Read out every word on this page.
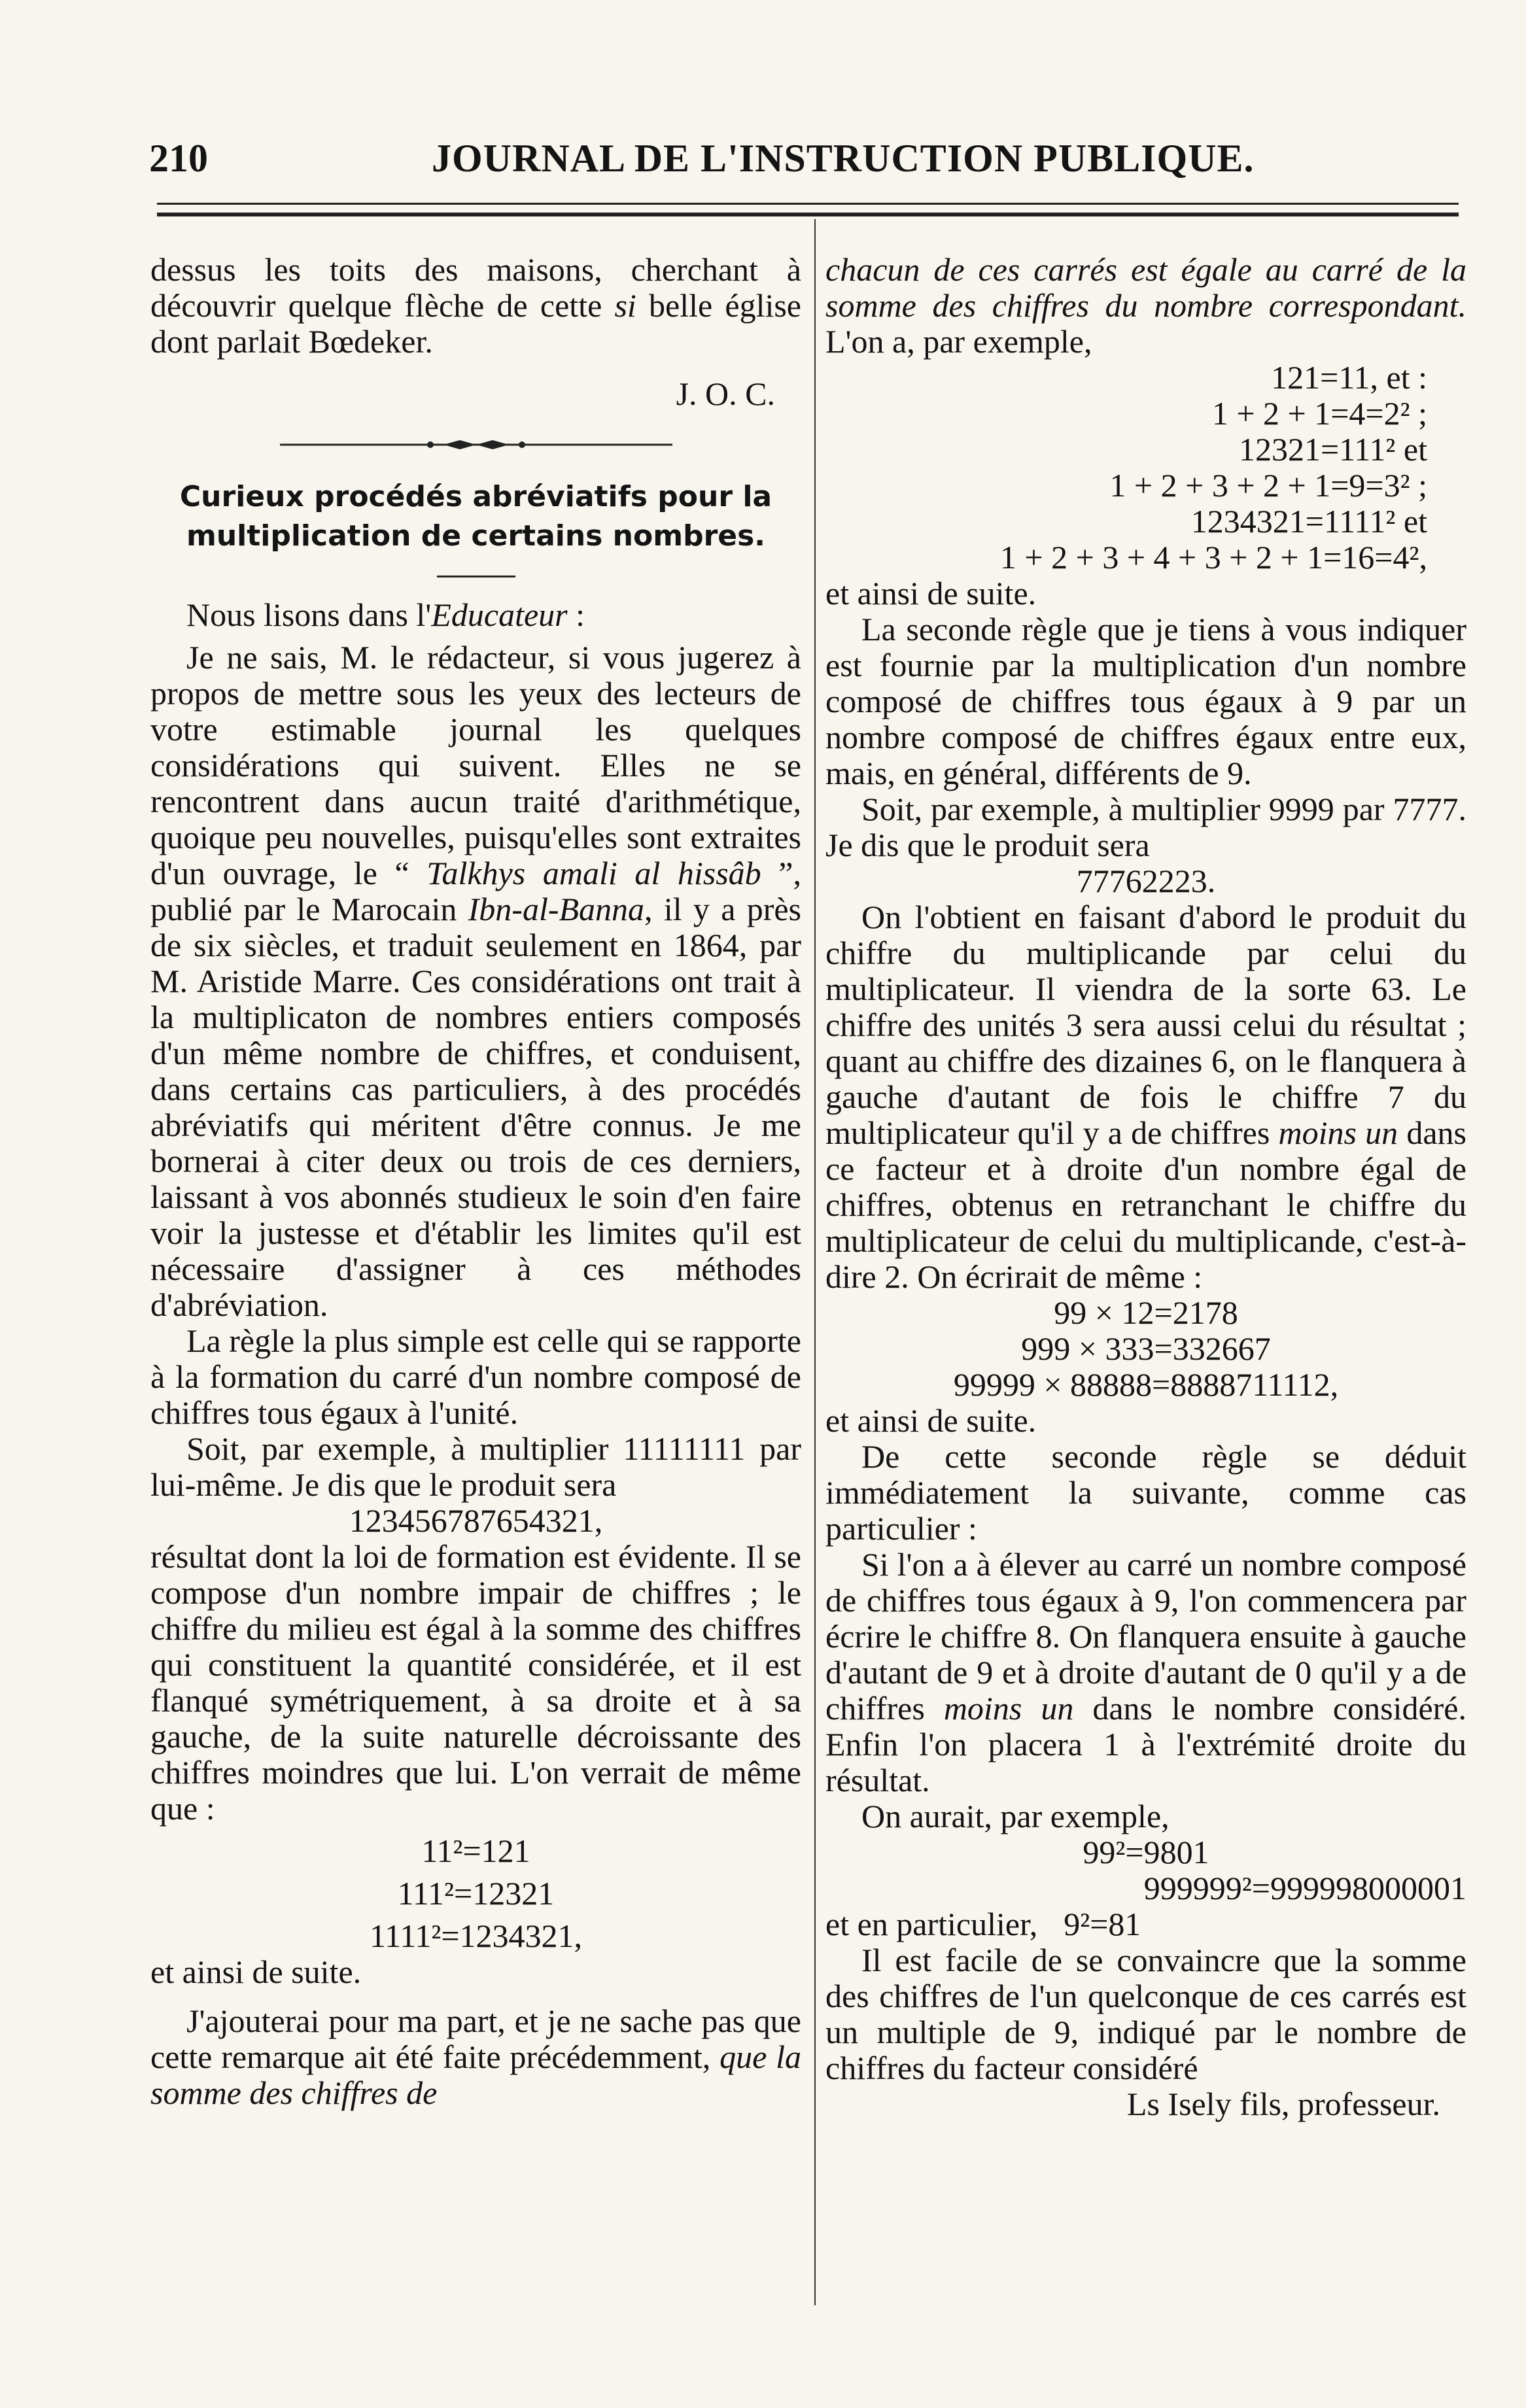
210	JOURNAL DE L'INSTRUCTION PUBLIQUE.

dessus les toits des maisons, cherchant à découvrir quelque flèche de cette si belle église dont parlait Bœdeker.

J. O. C.

Curieux procédés abréviatifs pour la

multiplication de certains nombres.

Nous lisons dans l'Educateur :

Je ne sais, M. le rédacteur, si vous jugerez à propos de mettre sous les yeux des lecteurs de votre estimable journal les quelques considérations qui suivent. Elles ne se rencontrent dans aucun traité d'arithmétique, quoique peu nouvelles, puisqu'elles sont extraites d'un ouvrage, le “ Talkhys amali al hissâb ”, publié par le Marocain Ibn-al-Banna, il y a près de six siècles, et traduit seulement en 1864, par M. Aristide Marre. Ces considérations ont trait à la multiplicaton de nombres entiers composés d'un même nombre de chiffres, et conduisent, dans certains cas particuliers, à des procédés abréviatifs qui méritent d'être connus. Je me bornerai à citer deux ou trois de ces derniers, laissant à vos abonnés studieux le soin d'en faire voir la justesse et d'établir les limites qu'il est nécessaire d'assigner à ces méthodes d'abréviation.

La règle la plus simple est celle qui se rapporte à la formation du carré d'un nombre composé de chiffres tous égaux à l'unité.

Soit, par exemple, à multiplier 11111111 par lui-même. Je dis que le produit sera

123456787654321,

résultat dont la loi de formation est évidente. Il se compose d'un nombre impair de chiffres ; le chiffre du milieu est égal à la somme des chiffres qui constituent la quantité considérée, et il est flanqué symétriquement, à sa droite et à sa gauche, de la suite naturelle décroissante des chiffres moindres que lui. L'on verrait de même que :

11²=121

111²=12321

1111²=1234321,

et ainsi de suite.

J'ajouterai pour ma part, et je ne sache pas que cette remarque ait été faite précédemment, que la somme des chiffres de

chacun de ces carrés est égale au carré de la somme des chiffres du nombre correspondant. L'on a, par exemple,

121=11, et :

1 + 2 + 1=4=2² ;

12321=111² et

1 + 2 + 3 + 2 + 1=9=3² ;

1234321=1111² et

1 + 2 + 3 + 4 + 3 + 2 + 1=16=4²,

et ainsi de suite.

La seconde règle que je tiens à vous indiquer est fournie par la multiplication d'un nombre composé de chiffres tous égaux à 9 par un nombre composé de chiffres égaux entre eux, mais, en général, différents de 9.

Soit, par exemple, à multiplier 9999 par 7777. Je dis que le produit sera

77762223.

On l'obtient en faisant d'abord le produit du chiffre du multiplicande par celui du multiplicateur. Il viendra de la sorte 63. Le chiffre des unités 3 sera aussi celui du résultat ; quant au chiffre des dizaines 6, on le flanquera à gauche d'autant de fois le chiffre 7 du multiplicateur qu'il y a de chiffres moins un dans ce facteur et à droite d'un nombre égal de chiffres, obtenus en retranchant le chiffre du multiplicateur de celui du multiplicande, c'est-à-dire 2. On écrirait de même :

99 × 12=2178

999 × 333=332667

99999 × 88888=8888711112,

et ainsi de suite.

De cette seconde règle se déduit immédiatement la suivante, comme cas particulier :

Si l'on a à élever au carré un nombre composé de chiffres tous égaux à 9, l'on commencera par écrire le chiffre 8. On flanquera ensuite à gauche d'autant de 9 et à droite d'autant de 0 qu'il y a de chiffres moins un dans le nombre considéré. Enfin l'on placera 1 à l'extrémité droite du résultat.

On aurait, par exemple,

99²=9801

999999²=999998000001

et en particulier, 9²=81

Il est facile de se convaincre que la somme des chiffres de l'un quelconque de ces carrés est un multiple de 9, indiqué par le nombre de chiffres du facteur considéré

Ls Isely fils, professeur.
